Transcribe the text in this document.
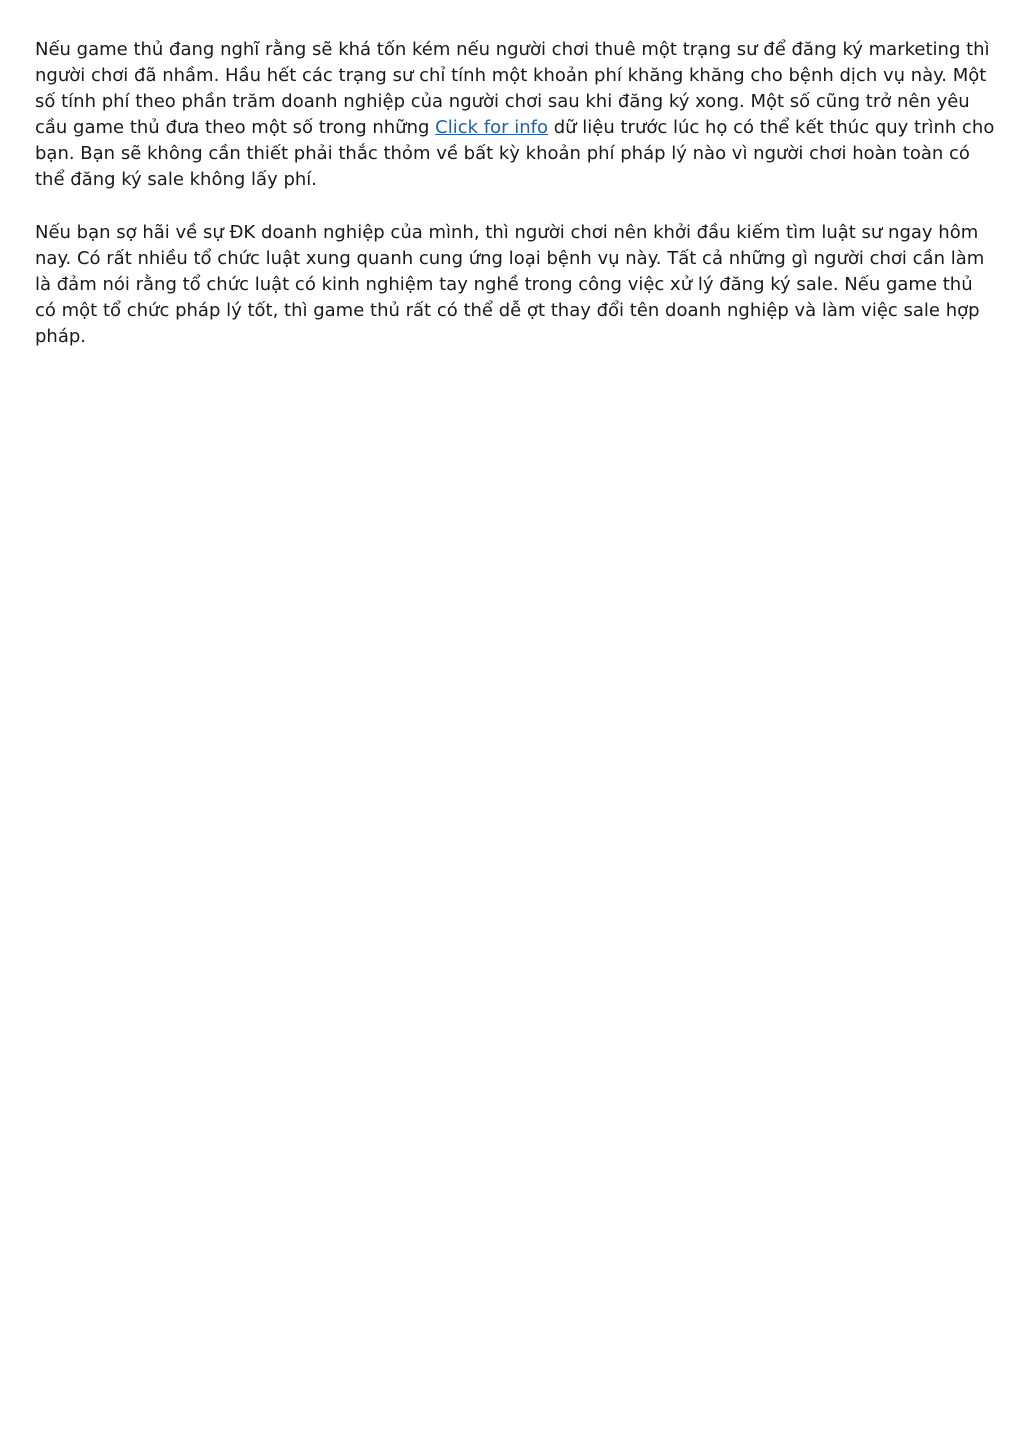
Nếu game thủ đang nghĩ rằng sẽ khá tốn kém nếu người chơi thuê một trạng sư để đăng ký marketing thì người chơi đã nhầm. Hầu hết các trạng sư chỉ tính một khoản phí khăng khăng cho bệnh dịch vụ này. Một số tính phí theo phần trăm doanh nghiệp của người chơi sau khi đăng ký xong. Một số cũng trở nên yêu cầu game thủ đưa theo một số trong những Click for info dữ liệu trước lúc họ có thể kết thúc quy trình cho bạn. Bạn sẽ không cần thiết phải thắc thỏm về bất kỳ khoản phí pháp lý nào vì người chơi hoàn toàn có thể đăng ký sale không lấy phí.

Nếu bạn sợ hãi về sự ĐK doanh nghiệp của mình, thì người chơi nên khởi đầu kiếm tìm luật sư ngay hôm nay. Có rất nhiều tổ chức luật xung quanh cung ứng loại bệnh vụ này. Tất cả những gì người chơi cần làm là đảm nói rằng tổ chức luật có kinh nghiệm tay nghề trong công việc xử lý đăng ký sale. Nếu game thủ có một tổ chức pháp lý tốt, thì game thủ rất có thể dễ ợt thay đổi tên doanh nghiệp và làm việc sale hợp pháp.
